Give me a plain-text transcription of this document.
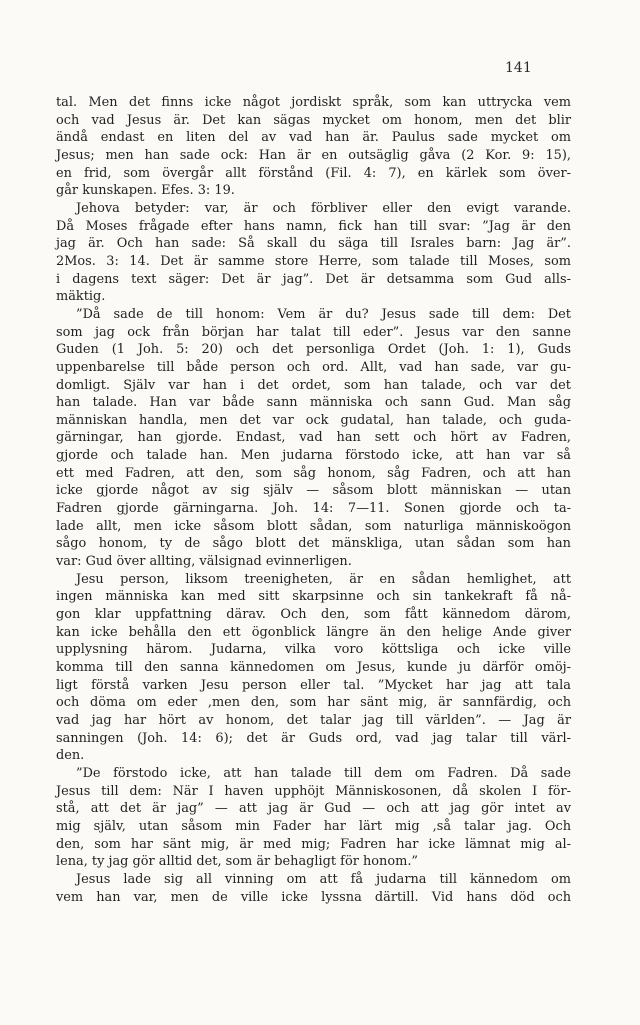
141
tal. Men det finns icke något jordiskt språk, som kan uttrycka vem
och vad Jesus är. Det kan sägas mycket om honom, men det blir
ändå endast en liten del av vad han är. Paulus sade mycket om
Jesus; men han sade ock: Han är en outsäglig gåva (2 Kor. 9: 15),
en frid, som övergår allt förstånd (Fil. 4: 7), en kärlek som över-
går kunskapen. Efes. 3: 19.
Jehova betyder: var, är och förbliver eller den evigt varande.
Då Moses frågade efter hans namn, fick han till svar: ”Jag är den
jag är. Och han sade: Så skall du säga till Israles barn: Jag är”.
2Mos. 3: 14. Det är samme store Herre, som talade till Moses, som
i dagens text säger: Det är jag”. Det är detsamma som Gud alls-
mäktig.
”Då sade de till honom: Vem är du? Jesus sade till dem: Det
som jag ock från början har talat till eder”. Jesus var den sanne
Guden (1 Joh. 5: 20) och det personliga Ordet (Joh. 1: 1), Guds
uppenbarelse till både person och ord. Allt, vad han sade, var gu-
domligt. Själv var han i det ordet, som han talade, och var det
han talade. Han var både sann människa och sann Gud. Man såg
människan handla, men det var ock gudatal, han talade, och guda-
gärningar, han gjorde. Endast, vad han sett och hört av Fadren,
gjorde och talade han. Men judarna förstodo icke, att han var så
ett med Fadren, att den, som såg honom, såg Fadren, och att han
icke gjorde något av sig själv — såsom blott människan — utan
Fadren gjorde gärningarna. Joh. 14: 7—11. Sonen gjorde och ta-
lade allt, men icke såsom blott sådan, som naturliga människoögon
sågo honom, ty de sågo blott det mänskliga, utan sådan som han
var: Gud över allting, välsignad evinnerligen.
Jesu person, liksom treenigheten, är en sådan hemlighet, att
ingen människa kan med sitt skarpsinne och sin tankekraft få nå-
gon klar uppfattning därav. Och den, som fått kännedom därom,
kan icke behålla den ett ögonblick längre än den helige Ande giver
upplysning härom. Judarna, vilka voro köttsliga och icke ville
komma till den sanna kännedomen om Jesus, kunde ju därför omöj-
ligt förstå varken Jesu person eller tal. ”Mycket har jag att tala
och döma om eder ,men den, som har sänt mig, är sannfärdig, och
vad jag har hört av honom, det talar jag till världen”. — Jag är
sanningen (Joh. 14: 6); det är Guds ord, vad jag talar till värl-
den.
”De förstodo icke, att han talade till dem om Fadren. Då sade
Jesus till dem: När I haven upphöjt Människosonen, då skolen I för-
stå, att det är jag” — att jag är Gud — och att jag gör intet av
mig själv, utan såsom min Fader har lärt mig ,så talar jag. Och
den, som har sänt mig, är med mig; Fadren har icke lämnat mig al-
lena, ty jag gör alltid det, som är behagligt för honom.”
Jesus lade sig all vinning om att få judarna till kännedom om
vem han var, men de ville icke lyssna därtill. Vid hans död och
